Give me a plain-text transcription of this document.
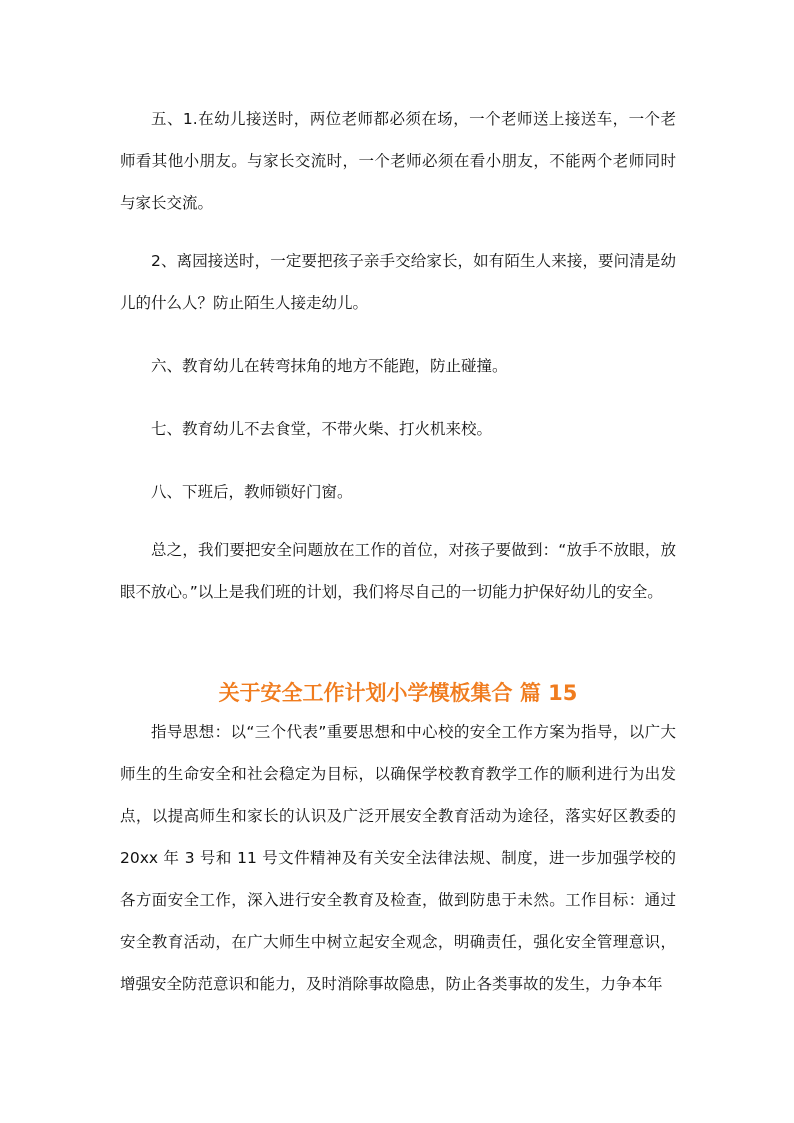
五、1.在幼儿接送时，两位老师都必须在场，一个老师送上接送车，一个老师看其他小朋友。与家长交流时，一个老师必须在看小朋友，不能两个老师同时与家长交流。

2、离园接送时，一定要把孩子亲手交给家长，如有陌生人来接，要问清是幼儿的什么人？防止陌生人接走幼儿。

六、教育幼儿在转弯抹角的地方不能跑，防止碰撞。

七、教育幼儿不去食堂，不带火柴、打火机来校。

八、下班后，教师锁好门窗。

总之，我们要把安全问题放在工作的首位，对孩子要做到：“放手不放眼，放眼不放心。”以上是我们班的计划，我们将尽自己的一切能力护保好幼儿的安全。

关于安全工作计划小学模板集合 篇 15

指导思想：以“三个代表”重要思想和中心校的安全工作方案为指导，以广大师生的生命安全和社会稳定为目标，以确保学校教育教学工作的顺利进行为出发点，以提高师生和家长的认识及广泛开展安全教育活动为途径，落实好区教委的 20xx 年 3 号和 11 号文件精神及有关安全法律法规、制度，进一步加强学校的各方面安全工作，深入进行安全教育及检查，做到防患于未然。工作目标：通过安全教育活动，在广大师生中树立起安全观念，明确责任，强化安全管理意识，增强安全防范意识和能力，及时消除事故隐患，防止各类事故的发生，力争本年
